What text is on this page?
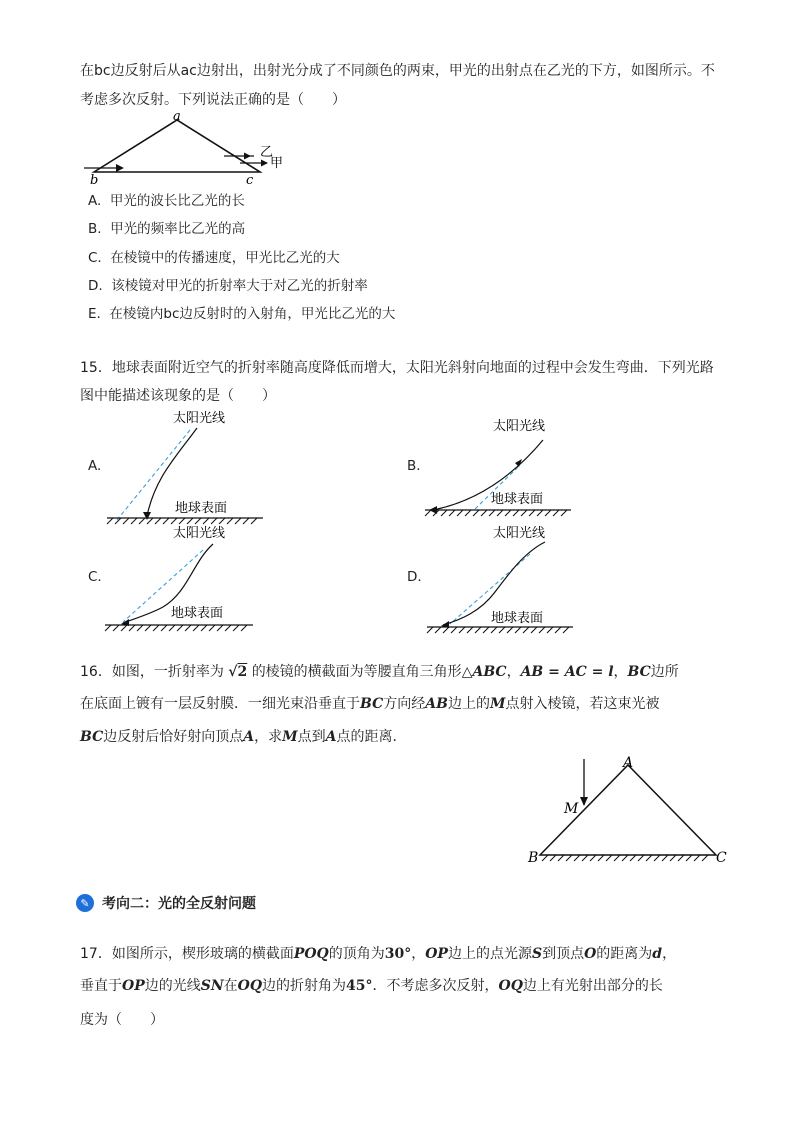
在bc边反射后从ac边射出，出射光分成了不同颜色的两束，甲光的出射点在乙光的下方，如图所示。不
考虑多次反射。下列说法正确的是（　　）
a
b	c
乙
甲
A. 甲光的波长比乙光的长
B. 甲光的频率比乙光的高
C. 在棱镜中的传播速度，甲光比乙光的大
D. 该棱镜对甲光的折射率大于对乙光的折射率
E. 在棱镜内bc边反射时的入射角，甲光比乙光的大
15．地球表面附近空气的折射率随高度降低而增大，太阳光斜射向地面的过程中会发生弯曲．下列光路
图中能描述该现象的是（　　）
A.
太阳光线
地球表面
B.
太阳光线
地球表面
C.
太阳光线
地球表面
D.
太阳光线
地球表面
16．如图，一折射率为 √2 的棱镜的横截面为等腰直角三角形△ABC，AB = AC = l，BC边所
在底面上镀有一层反射膜．一细光束沿垂直于BC方向经AB边上的M点射入棱镜，若这束光被
BC边反射后恰好射向顶点A，求M点到A点的距离．
A
B	C
M
✎ 考向二：光的全反射问题
17．如图所示，楔形玻璃的横截面POQ的顶角为30°，OP边上的点光源S到顶点O的距离为d，
垂直于OP边的光线SN在OQ边的折射角为45°．不考虑多次反射，OQ边上有光射出部分的长
度为（　　）
